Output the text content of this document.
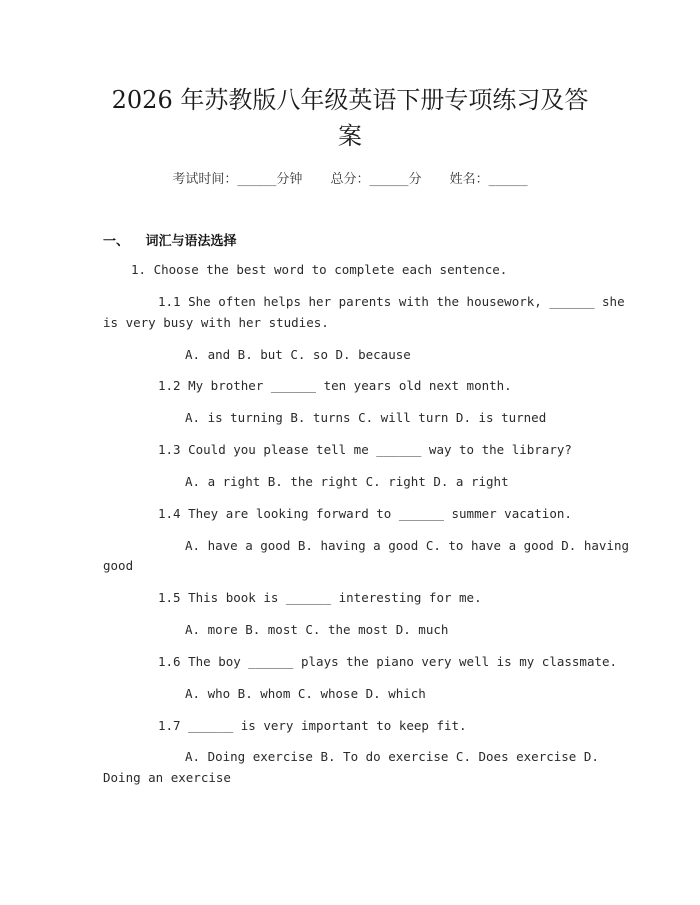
2026 年苏教版八年级英语下册专项练习及答
案
考试时间：______分钟 总分：______分 姓名：______
一、 词汇与语法选择
1. Choose the best word to complete each sentence.
1.1 She often helps her parents with the housework, ______ she
is very busy with her studies.
A. and B. but C. so D. because
1.2 My brother ______ ten years old next month.
A. is turning B. turns C. will turn D. is turned
1.3 Could you please tell me ______ way to the library?
A. a right B. the right C. right D. a right
1.4 They are looking forward to ______ summer vacation.
A. have a good B. having a good C. to have a good D. having
good
1.5 This book is ______ interesting for me.
A. more B. most C. the most D. much
1.6 The boy ______ plays the piano very well is my classmate.
A. who B. whom C. whose D. which
1.7 ______ is very important to keep fit.
A. Doing exercise B. To do exercise C. Does exercise D.
Doing an exercise
